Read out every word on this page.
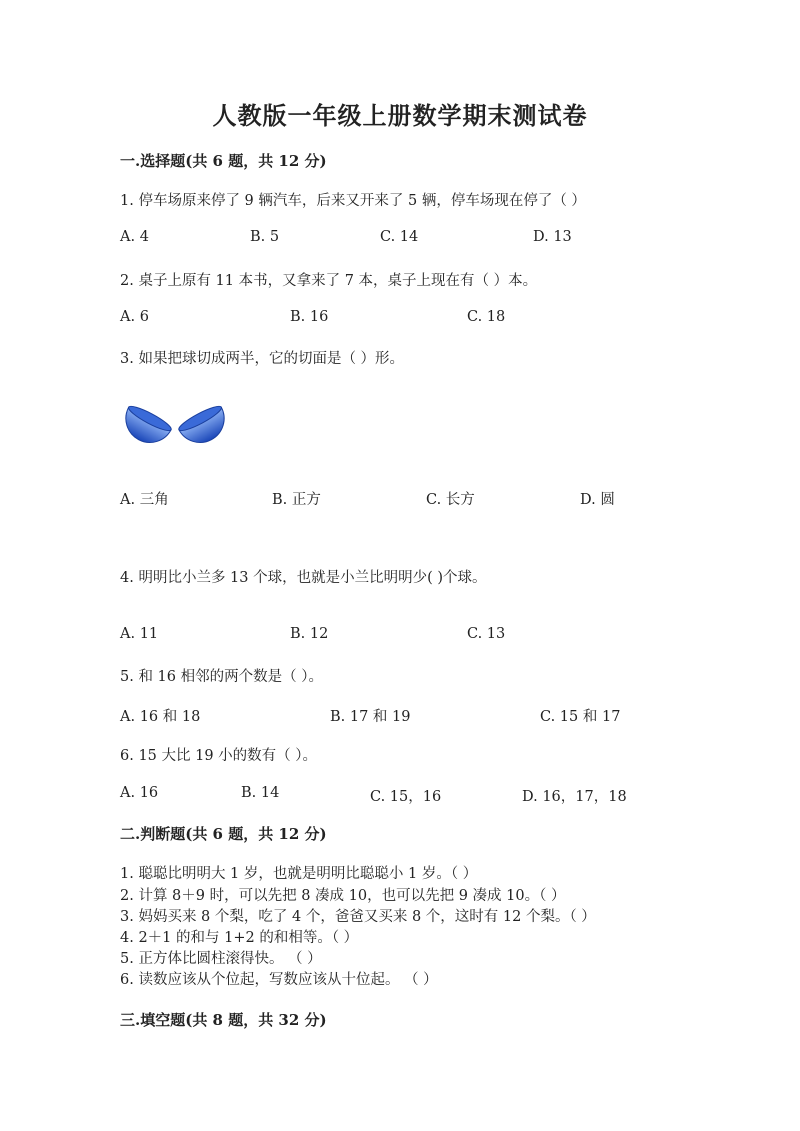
人教版一年级上册数学期末测试卷
一.选择题(共 6 题，共 12 分)
1. 停车场原来停了 9 辆汽车，后来又开来了 5 辆，停车场现在停了（ ）
A. 4	B. 5	C. 14	D. 13
2. 桌子上原有 11 本书，又拿来了 7 本，桌子上现在有（ ）本。
A. 6	B. 16	C. 18
3. 如果把球切成两半，它的切面是（ ）形。
A. 三角	B. 正方	C. 长方	D. 圆
4. 明明比小兰多 13 个球，也就是小兰比明明少( )个球。
A. 11	B. 12	C. 13
5. 和 16 相邻的两个数是（ ）。
A. 16 和 18	B. 17 和 19	C. 15 和 17
6. 15 大比 19 小的数有（ ）。
A. 16	B. 14	C. 15，16	D. 16，17，18
二.判断题(共 6 题，共 12 分)
1. 聪聪比明明大 1 岁，也就是明明比聪聪小 1 岁。（ ）
2. 计算 8＋9 时，可以先把 8 凑成 10，也可以先把 9 凑成 10。（ ）
3. 妈妈买来 8 个梨，吃了 4 个，爸爸又买来 8 个，这时有 12 个梨。（ ）
4. 2＋1 的和与 1+2 的和相等。（ ）
5. 正方体比圆柱滚得快。 （ ）
6. 读数应该从个位起，写数应该从十位起。 （ ）
三.填空题(共 8 题，共 32 分)
